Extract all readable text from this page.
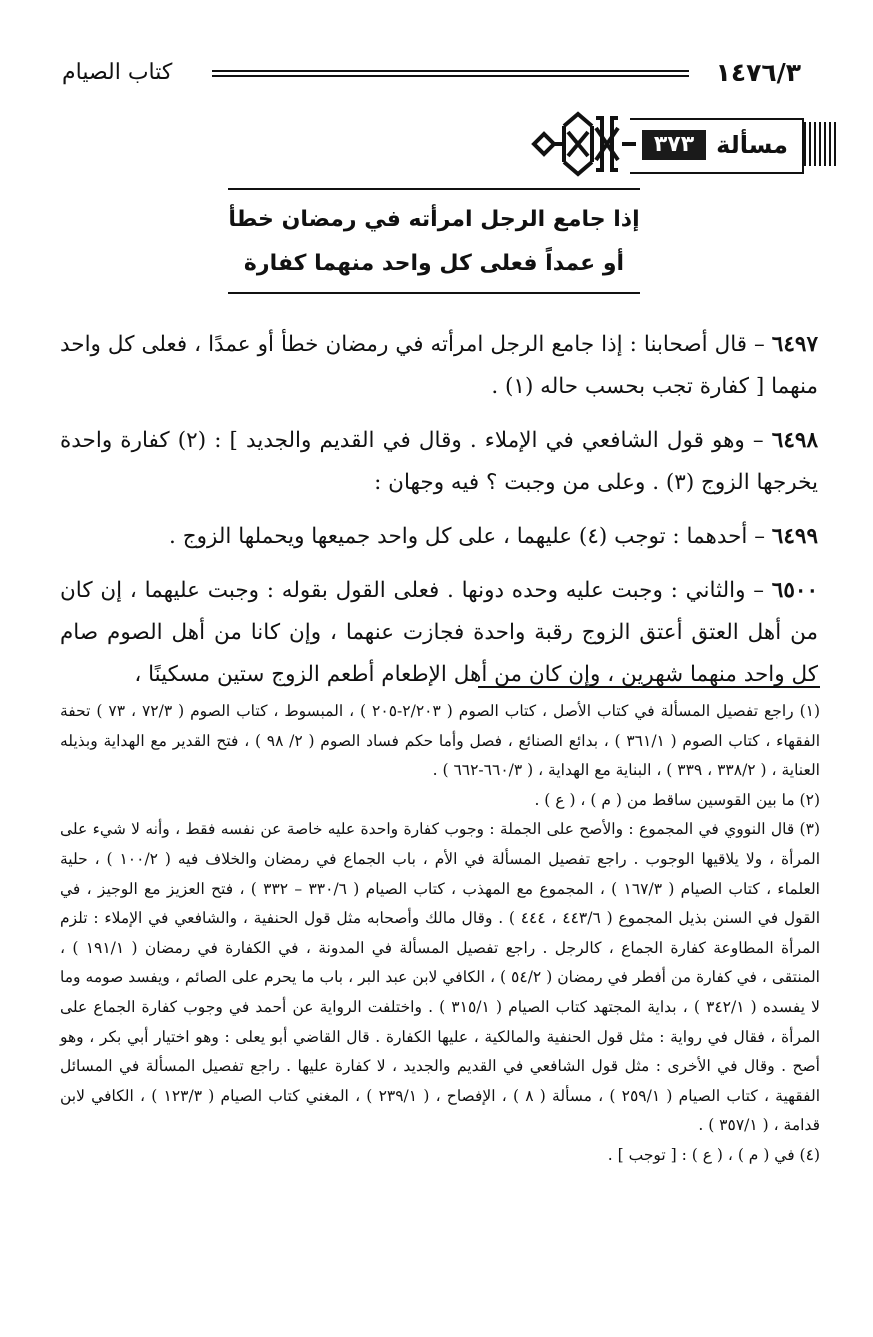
١٤٧٦/٣
كتاب الصيام
مسألة
٣٧٣
إذا جامع الرجل امرأته في رمضان خطأ
أو عمداً فعلى كل واحد منهما كفارة

٦٤٩٧ – قال أصحابنا : إذا جامع الرجل امرأته في رمضان خطأ أو عمدًا ، فعلى كل واحد منهما [ كفارة تجب بحسب حاله (١) .

٦٤٩٨ – وهو قول الشافعي في الإملاء . وقال في القديم والجديد ] : (٢) كفارة واحدة يخرجها الزوج (٣) . وعلى من وجبت ؟ فيه وجهان :

٦٤٩٩ – أحدهما : توجب (٤) عليهما ، على كل واحد جميعها ويحملها الزوج .

٦٥٠٠ – والثاني : وجبت عليه وحده دونها . فعلى القول بقوله : وجبت عليهما ، إن كان من أهل العتق أعتق الزوج رقبة واحدة فجازت عنهما ، وإن كانا من أهل الصوم صام كل واحد منهما شهرين ، وإن كان من أهل الإطعام أطعم الزوج ستين مسكينًا ،

(١) راجع تفصيل المسألة في كتاب الأصل ، كتاب الصوم ( ٢/٢٠٣-٢٠٥ ) ، المبسوط ، كتاب الصوم ( ٧٢/٣ ، ٧٣ ) تحفة الفقهاء ، كتاب الصوم ( ٣٦١/١ ) ، بدائع الصنائع ، فصل وأما حكم فساد الصوم ( ٢/ ٩٨ ) ، فتح القدير مع الهداية وبذيله العناية ، ( ٣٣٨/٢ ، ٣٣٩ ) ، البناية مع الهداية ، ( ٦٦٠/٣-٦٦٢ ) .

(٢) ما بين القوسين ساقط من ( م ) ، ( ع ) .

(٣) قال النووي في المجموع : والأصح على الجملة : وجوب كفارة واحدة عليه خاصة عن نفسه فقط ، وأنه لا شيء على المرأة ، ولا يلاقيها الوجوب . راجع تفصيل المسألة في الأم ، باب الجماع في رمضان والخلاف فيه ( ١٠٠/٢ ) ، حلية العلماء ، كتاب الصيام ( ١٦٧/٣ ) ، المجموع مع المهذب ، كتاب الصيام ( ٣٣٠/٦ – ٣٣٢ ) ، فتح العزيز مع الوجيز ، في القول في السنن بذيل المجموع ( ٤٤٣/٦ ، ٤٤٤ ) . وقال مالك وأصحابه مثل قول الحنفية ، والشافعي في الإملاء : تلزم المرأة المطاوعة كفارة الجماع ، كالرجل . راجع تفصيل المسألة في المدونة ، في الكفارة في رمضان ( ١٩١/١ ) ، المنتقى ، في كفارة من أفطر في رمضان ( ٥٤/٢ ) ، الكافي لابن عبد البر ، باب ما يحرم على الصائم ، ويفسد صومه وما لا يفسده ( ٣٤٢/١ ) ، بداية المجتهد كتاب الصيام ( ٣١٥/١ ) . واختلفت الرواية عن أحمد في وجوب كفارة الجماع على المرأة ، فقال في رواية : مثل قول الحنفية والمالكية ، عليها الكفارة . قال القاضي أبو يعلى : وهو اختيار أبي بكر ، وهو أصح . وقال في الأخرى : مثل قول الشافعي في القديم والجديد ، لا كفارة عليها . راجع تفصيل المسألة في المسائل الفقهية ، كتاب الصيام ( ٢٥٩/١ ) ، مسألة ( ٨ ) ، الإفصاح ، ( ٢٣٩/١ ) ، المغني كتاب الصيام ( ١٢٣/٣ ) ، الكافي لابن قدامة ، ( ٣٥٧/١ ) .

(٤) في ( م ) ، ( ع ) : [ توجب ] .
